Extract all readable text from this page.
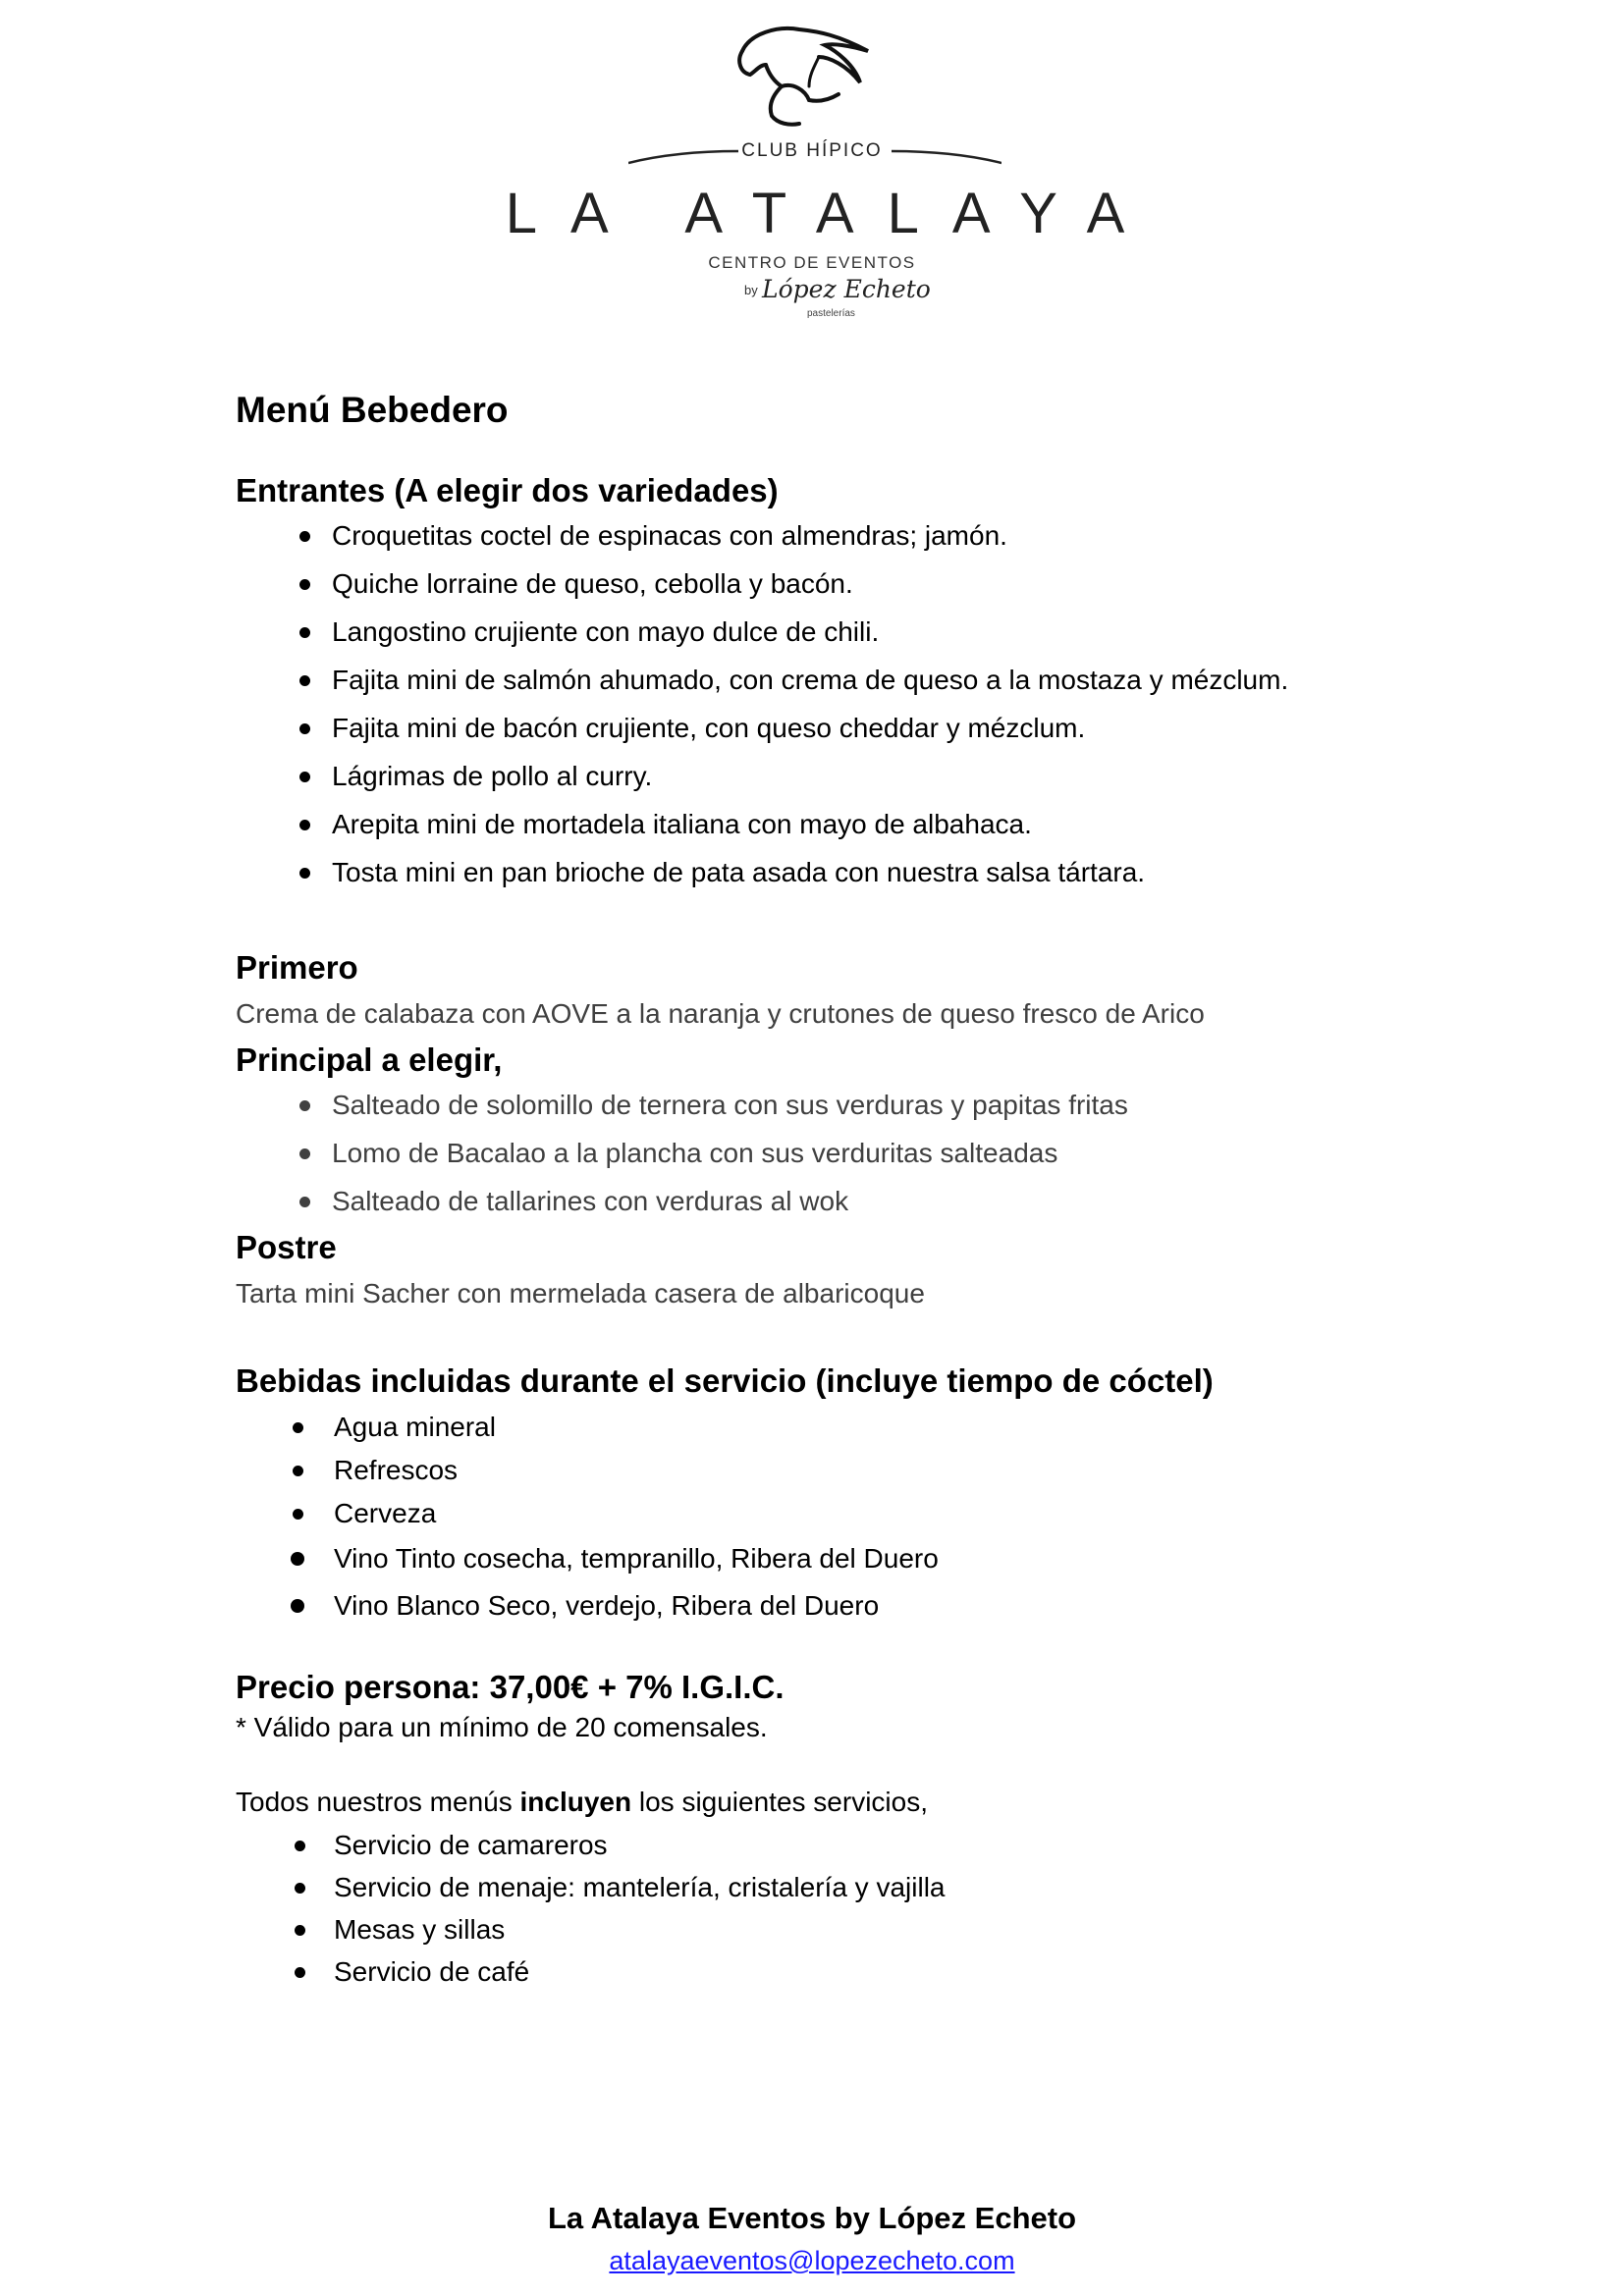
CLUB HÍPICO
LA ATALAYA
CENTRO DE EVENTOS
by López Echeto
pastelerías
Menú Bebedero
Entrantes (A elegir dos variedades)
Croquetitas coctel de espinacas con almendras; jamón.
Quiche lorraine de queso, cebolla y bacón.
Langostino crujiente con mayo dulce de chili.
Fajita mini de salmón ahumado, con crema de queso a la mostaza y mézclum.
Fajita mini de bacón crujiente, con queso cheddar y mézclum.
Lágrimas de pollo al curry.
Arepita mini de mortadela italiana con mayo de albahaca.
Tosta mini en pan brioche de pata asada con nuestra salsa tártara.
Primero

Crema de calabaza con AOVE a la naranja y crutones de queso fresco de Arico

Principal a elegir,
Salteado de solomillo de ternera con sus verduras y papitas fritas
Lomo de Bacalao a la plancha con sus verduritas salteadas
Salteado de tallarines con verduras al wok
Postre

Tarta mini Sacher con mermelada casera de albaricoque

Bebidas incluidas durante el servicio (incluye tiempo de cóctel)
Agua mineral
Refrescos
Cerveza
Vino Tinto cosecha, tempranillo, Ribera del Duero
Vino Blanco Seco, verdejo, Ribera del Duero
Precio persona: 37,00€ + 7% I.G.I.C.

* Válido para un mínimo de 20 comensales.

Todos nuestros menús incluyen los siguientes servicios,

Servicio de camareros
Servicio de menaje: mantelería, cristalería y vajilla
Mesas y sillas
Servicio de café
La Atalaya Eventos by López Echeto
atalayaeventos@lopezecheto.com
